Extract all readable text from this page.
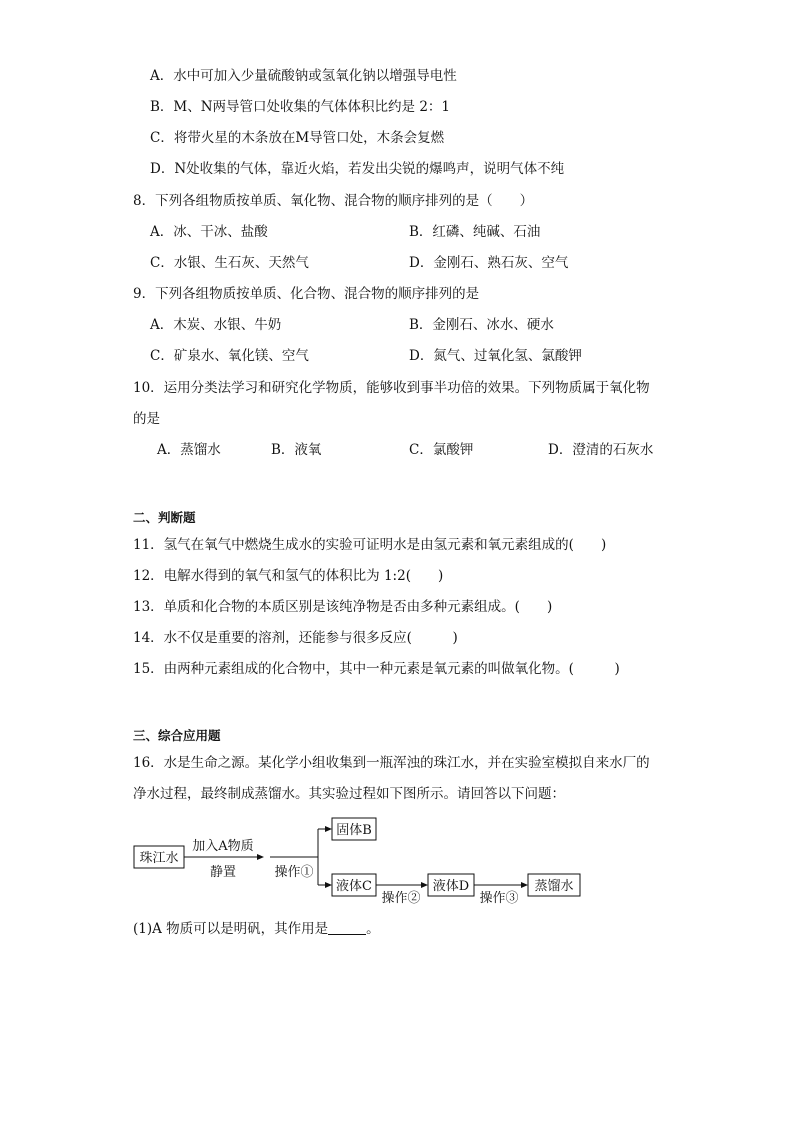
A．水中可加入少量硫酸钠或氢氧化钠以增强导电性
B．M、N两导管口处收集的气体体积比约是 2：1
C．将带火星的木条放在M导管口处，木条会复燃
D．N处收集的气体，靠近火焰，若发出尖锐的爆鸣声，说明气体不纯
8．下列各组物质按单质、氧化物、混合物的顺序排列的是（　　）
A．冰、干冰、盐酸	B．红磷、纯碱、石油
C．水银、生石灰、天然气	D．金刚石、熟石灰、空气
9．下列各组物质按单质、化合物、混合物的顺序排列的是
A．木炭、水银、牛奶	B．金刚石、冰水、硬水
C．矿泉水、氧化镁、空气	D．氮气、过氧化氢、氯酸钾
10．运用分类法学习和研究化学物质，能够收到事半功倍的效果。下列物质属于氧化物
的是
A．蒸馏水	B．液氧	C．氯酸钾	D．澄清的石灰水
二、判断题
11．氢气在氧气中燃烧生成水的实验可证明水是由氢元素和氧元素组成的(　　)
12．电解水得到的氧气和氢气的体积比为 1:2(　　)
13．单质和化合物的本质区别是该纯净物是否由多种元素组成。(　　)
14．水不仅是重要的溶剂，还能参与很多反应(　　　)
15．由两种元素组成的化合物中，其中一种元素是氧元素的叫做氧化物。(　　　)
三、综合应用题
16．水是生命之源。某化学小组收集到一瓶浑浊的珠江水，并在实验室模拟自来水厂的
净水过程，最终制成蒸馏水。其实验过程如下图所示。请回答以下问题：
珠江水
加入A物质
静置	操作①
固体B
液体C
操作②
液体D
操作③
蒸馏水
(1)A 物质可以是明矾，其作用是	。
